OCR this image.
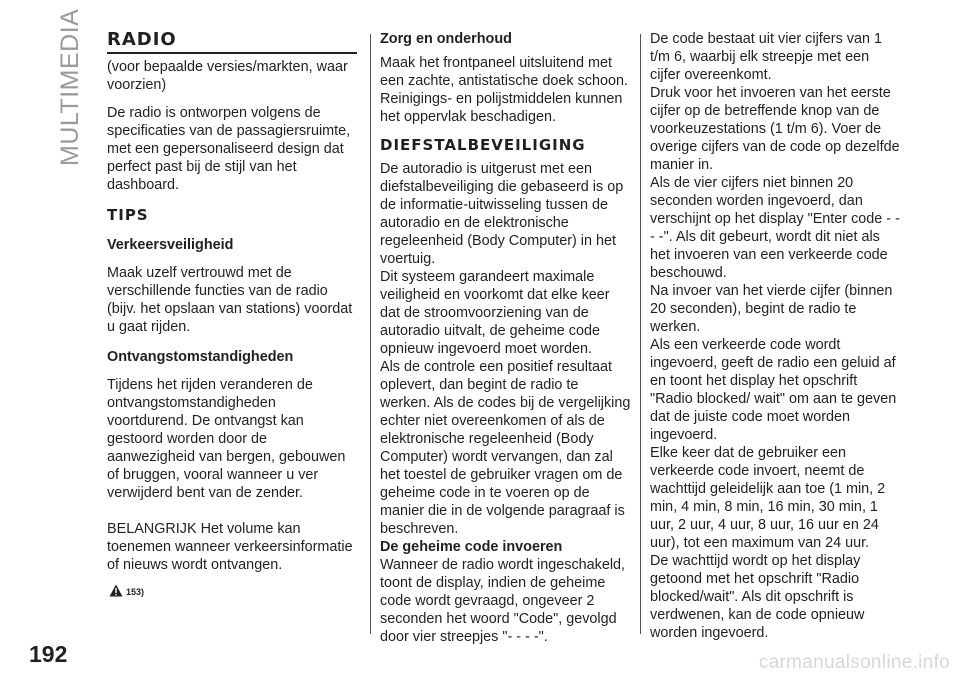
MULTIMEDIA
192
RADIO

(voor bepaalde versies/markten, waar voorzien)

De radio is ontworpen volgens de specificaties van de passagiersruimte, met een gepersonaliseerd design dat perfect past bij de stijl van het dashboard.

TIPS

Verkeersveiligheid

Maak uzelf vertrouwd met de verschillende functies van de radio (bijv. het opslaan van stations) voordat u gaat rijden.

Ontvangstomstandigheden

Tijdens het rijden veranderen de ontvangstomstandigheden voortdurend. De ontvangst kan gestoord worden door de aanwezigheid van bergen, gebouwen of bruggen, vooral wanneer u ver verwijderd bent van de zender.

BELANGRIJK Het volume kan toenemen wanneer verkeersinformatie of nieuws wordt ontvangen.

153)

Zorg en onderhoud

Maak het frontpaneel uitsluitend met een zachte, antistatische doek schoon. Reinigings- en polijstmiddelen kunnen het oppervlak beschadigen.

DIEFSTALBEVEILIGING

De autoradio is uitgerust met een diefstalbeveiliging die gebaseerd is op de informatie-uitwisseling tussen de autoradio en de elektronische regeleenheid (Body Computer) in het voertuig.

Dit systeem garandeert maximale veiligheid en voorkomt dat elke keer dat de stroomvoorziening van de autoradio uitvalt, de geheime code opnieuw ingevoerd moet worden.

Als de controle een positief resultaat oplevert, dan begint de radio te werken. Als de codes bij de vergelijking echter niet overeenkomen of als de elektronische regeleenheid (Body Computer) wordt vervangen, dan zal het toestel de gebruiker vragen om de geheime code in te voeren op de manier die in de volgende paragraaf is beschreven.

De geheime code invoeren

Wanneer de radio wordt ingeschakeld, toont de display, indien de geheime code wordt gevraagd, ongeveer 2 seconden het woord "Code", gevolgd door vier streepjes "- - - -".

De code bestaat uit vier cijfers van 1 t/m 6, waarbij elk streepje met een cijfer overeenkomt.

Druk voor het invoeren van het eerste cijfer op de betreffende knop van de voorkeuzestations (1 t/m 6). Voer de overige cijfers van de code op dezelfde manier in.

Als de vier cijfers niet binnen 20 seconden worden ingevoerd, dan verschijnt op het display "Enter code - - - -". Als dit gebeurt, wordt dit niet als het invoeren van een verkeerde code beschouwd.

Na invoer van het vierde cijfer (binnen 20 seconden), begint de radio te werken.

Als een verkeerde code wordt ingevoerd, geeft de radio een geluid af en toont het display het opschrift "Radio blocked/ wait" om aan te geven dat de juiste code moet worden ingevoerd.

Elke keer dat de gebruiker een verkeerde code invoert, neemt de wachttijd geleidelijk aan toe (1 min, 2 min, 4 min, 8 min, 16 min, 30 min, 1 uur, 2 uur, 4 uur, 8 uur, 16 uur en 24 uur), tot een maximum van 24 uur.

De wachttijd wordt op het display getoond met het opschrift "Radio blocked/wait". Als dit opschrift is verdwenen, kan de code opnieuw worden ingevoerd.

carmanualsonline.info
